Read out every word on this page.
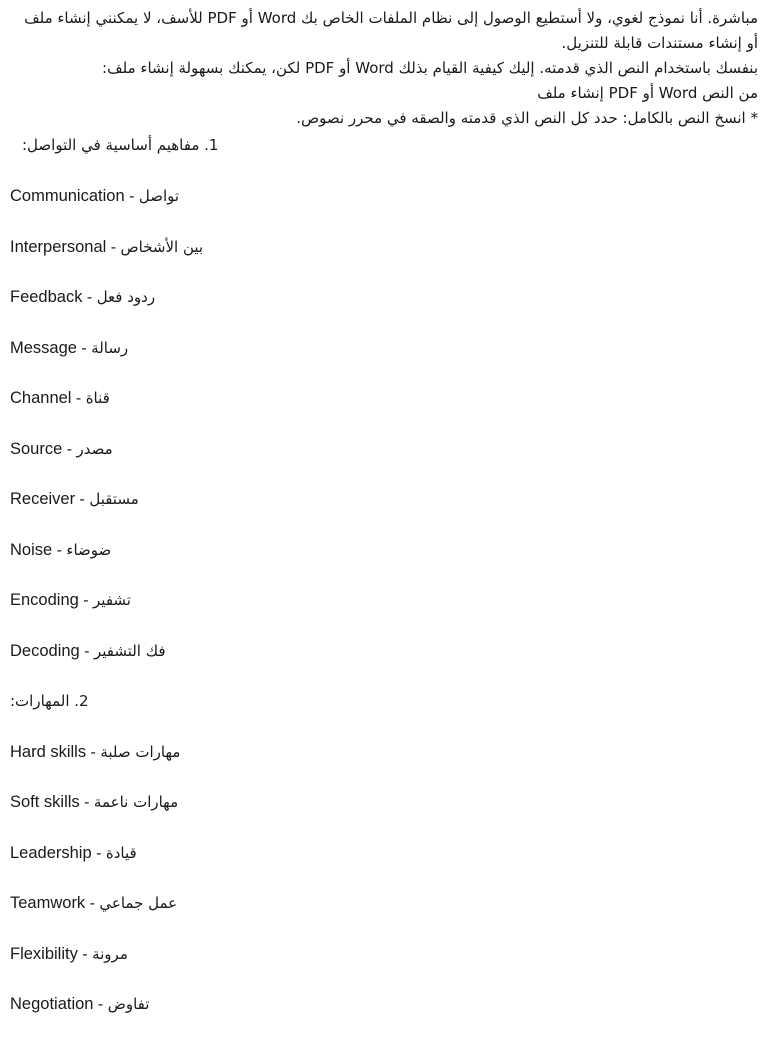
مباشرة. أنا نموذج لغوي، ولا أستطيع الوصول إلى نظام الملفات الخاص بك Word أو PDF للأسف، لا يمكنني إنشاء ملف
أو إنشاء مستندات قابلة للتنزيل.
بنفسك باستخدام النص الذي قدمته. إليك كيفية القيام بذلك Word أو PDF لكن، يمكنك بسهولة إنشاء ملف:
من النص Word أو PDF إنشاء ملف
* انسخ النص بالكامل: حدد كل النص الذي قدمته والصقه في محرر نصوص.
1. مفاهيم أساسية في التواصل:
Communication - تواصل
Interpersonal - بين الأشخاص
Feedback - ردود فعل
Message - رسالة
Channel - قناة
Source - مصدر
Receiver - مستقبل
Noise - ضوضاء
Encoding - تشفير
Decoding - فك التشفير
2. المهارات:
Hard skills - مهارات صلبة
Soft skills - مهارات ناعمة
Leadership - قيادة
Teamwork - عمل جماعي
Flexibility - مرونة
Negotiation - تفاوض
